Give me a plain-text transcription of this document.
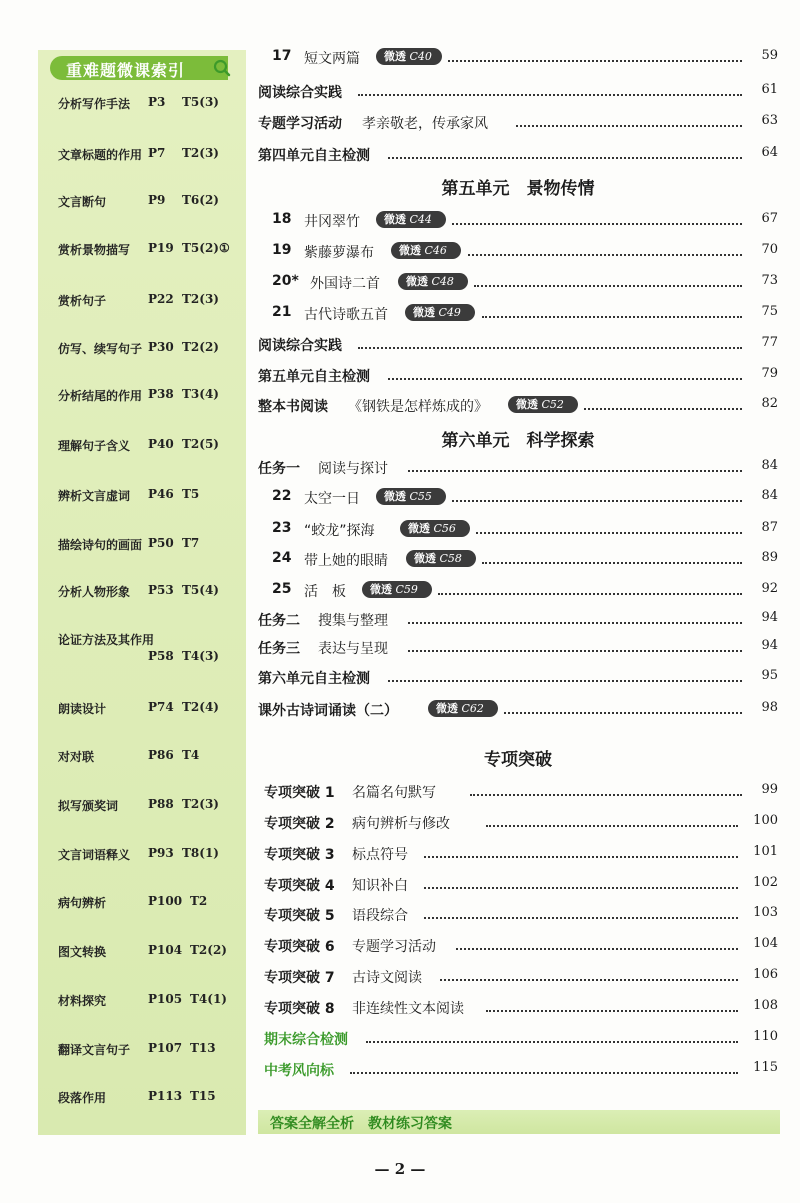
重难题微课索引
分析写作手法 P3 T5(3)
文章标题的作用 P7 T2(3)
文言断句	P9 T6(2)
赏析景物描写 P19 T5(2)①
赏析句子	P22 T2(3)
仿写、续写句子 P30 T2(2)
分析结尾的作用 P38 T3(4)
理解句子含义 P40 T2(5)
辨析文言虚词 P46 T5
描绘诗句的画面 P50 T7
分析人物形象 P53 T5(4)
论证方法及其作用
P58 T4(3)
朗读设计	P74 T2(4)
对对联	P86 T4
拟写颁奖词 P88 T2(3)
文言词语释义 P93 T8(1)
病句辨析	P100 T2
图文转换	P104 T2(2)
材料探究	P105 T4(1)
翻译文言句子 P107 T13
段落作用	P113 T15
17 短文两篇	微透 C40	59
阅读综合实践	61
专题学习活动 孝亲敬老，传承家风	63
第四单元自主检测	64
第五单元　景物传情
18 井冈翠竹	微透 C44	67
19 紫藤萝瀑布	微透 C46	70
20* 外国诗二首	微透 C48	73
21 古代诗歌五首	微透 C49	75
阅读综合实践	77
第五单元自主检测	79
整本书阅读 《钢铁是怎样炼成的》	微透 C52	82
第六单元　科学探索
任务一 阅读与探讨	84
22 太空一日	微透 C55	84
23 “蛟龙”探海	微透 C56	87
24 带上她的眼睛	微透 C58	89
25 活　板	微透 C59	92
任务二 搜集与整理	94
任务三 表达与呈现	94
第六单元自主检测	95
课外古诗词诵读（二）	微透 C62	98
专项突破
专项突破 1 名篇名句默写	99
专项突破 2 病句辨析与修改	100
专项突破 3 标点符号	101
专项突破 4 知识补白	102
专项突破 5 语段综合	103
专项突破 6 专题学习活动	104
专项突破 7 古诗文阅读	106
专项突破 8 非连续性文本阅读	108
期末综合检测	110
中考风向标	115
答案全解全析　教材练习答案
— 2 —
